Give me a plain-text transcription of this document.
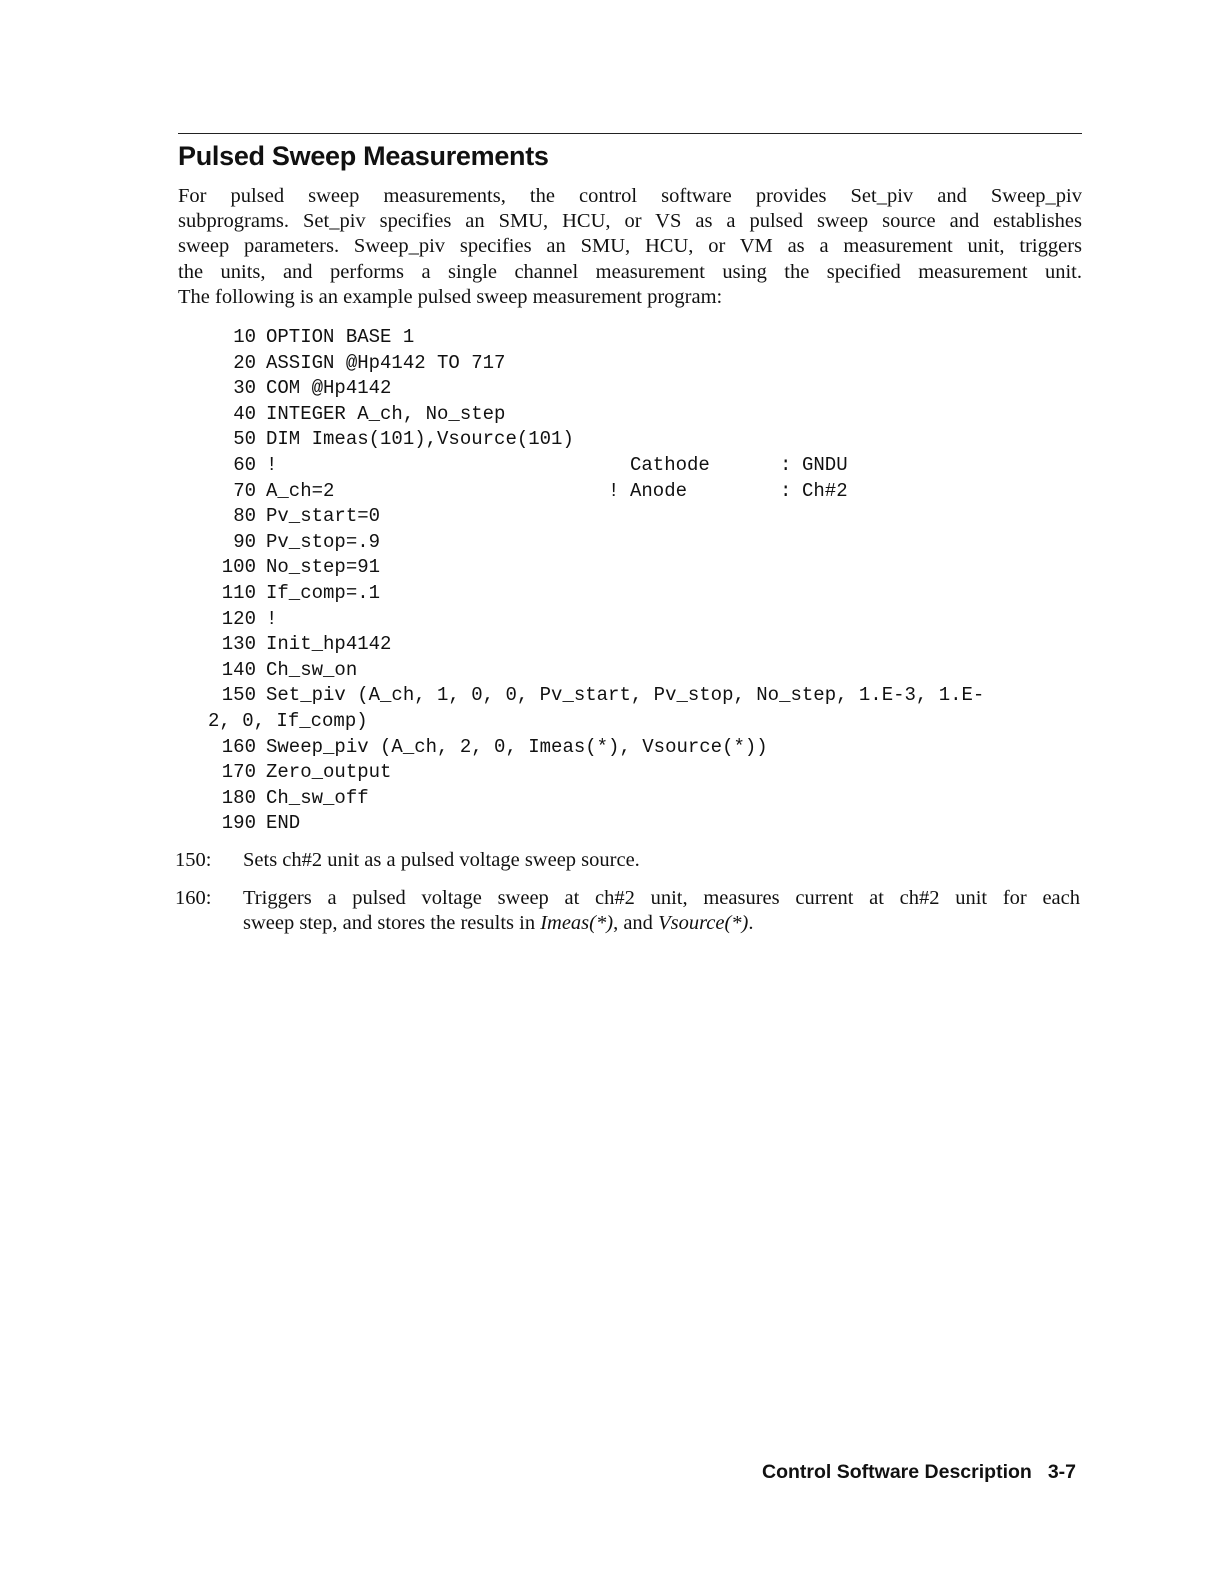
Pulsed Sweep Measurements

For pulsed sweep measurements, the control software provides Set_piv and Sweep_piv
subprograms. Set_piv specifies an SMU, HCU, or VS as a pulsed sweep source and establishes
sweep parameters. Sweep_piv specifies an SMU, HCU, or VM as a measurement unit, triggers
the units, and performs a single channel measurement using the specified measurement unit.
The following is an example pulsed sweep measurement program:

10 OPTION BASE 1
20 ASSIGN @Hp4142 TO 717
30 COM @Hp4142
40 INTEGER A_ch, No_step
50 DIM Imeas(101),Vsource(101)
60 !	Cathode	: GNDU
70 A_ch=2	! Anode	: Ch#2
80 Pv_start=0
90 Pv_stop=.9
100 No_step=91
110 If_comp=.1
120 !
130 Init_hp4142
140 Ch_sw_on
150 Set_piv (A_ch, 1, 0, 0, Pv_start, Pv_stop, No_step, 1.E-3, 1.E-
2, 0, If_comp)
160 Sweep_piv (A_ch, 2, 0, Imeas(*), Vsource(*))
170 Zero_output
180 Ch_sw_off
190 END
150: Sets ch#2 unit as a pulsed voltage sweep source.
160: Triggers a pulsed voltage sweep at ch#2 unit, measures current at ch#2 unit for each
sweep step, and stores the results in Imeas(*), and Vsource(*).
Control Software Description 3-7
